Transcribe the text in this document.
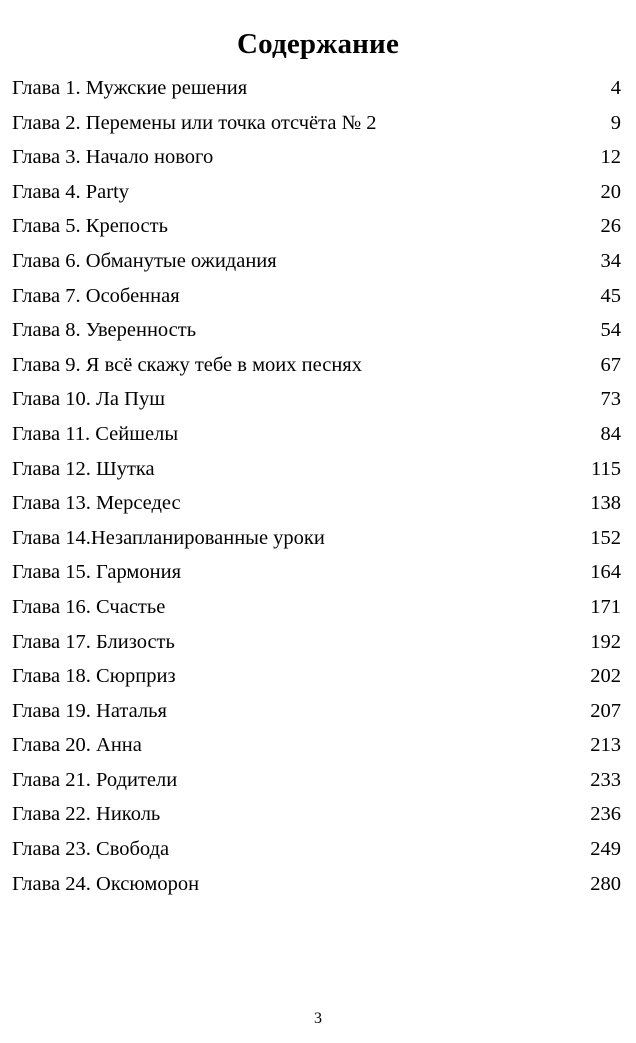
Содержание
Глава 1. Мужские решения	4
Глава 2. Перемены или точка отсчёта № 2	9
Глава 3. Начало нового	12
Глава 4. Party	20
Глава 5. Крепость	26
Глава 6. Обманутые ожидания	34
Глава 7. Особенная	45
Глава 8. Уверенность	54
Глава 9. Я всё скажу тебе в моих песнях	67
Глава 10. Ла Пуш	73
Глава 11. Сейшелы	84
Глава 12. Шутка	115
Глава 13. Мерседес	138
Глава 14.Незапланированные уроки	152
Глава 15. Гармония	164
Глава 16. Счастье	171
Глава 17. Близость	192
Глава 18. Сюрприз	202
Глава 19. Наталья	207
Глава 20. Анна	213
Глава 21. Родители	233
Глава 22. Николь	236
Глава 23. Свобода	249
Глава 24. Оксюморон	280
3
